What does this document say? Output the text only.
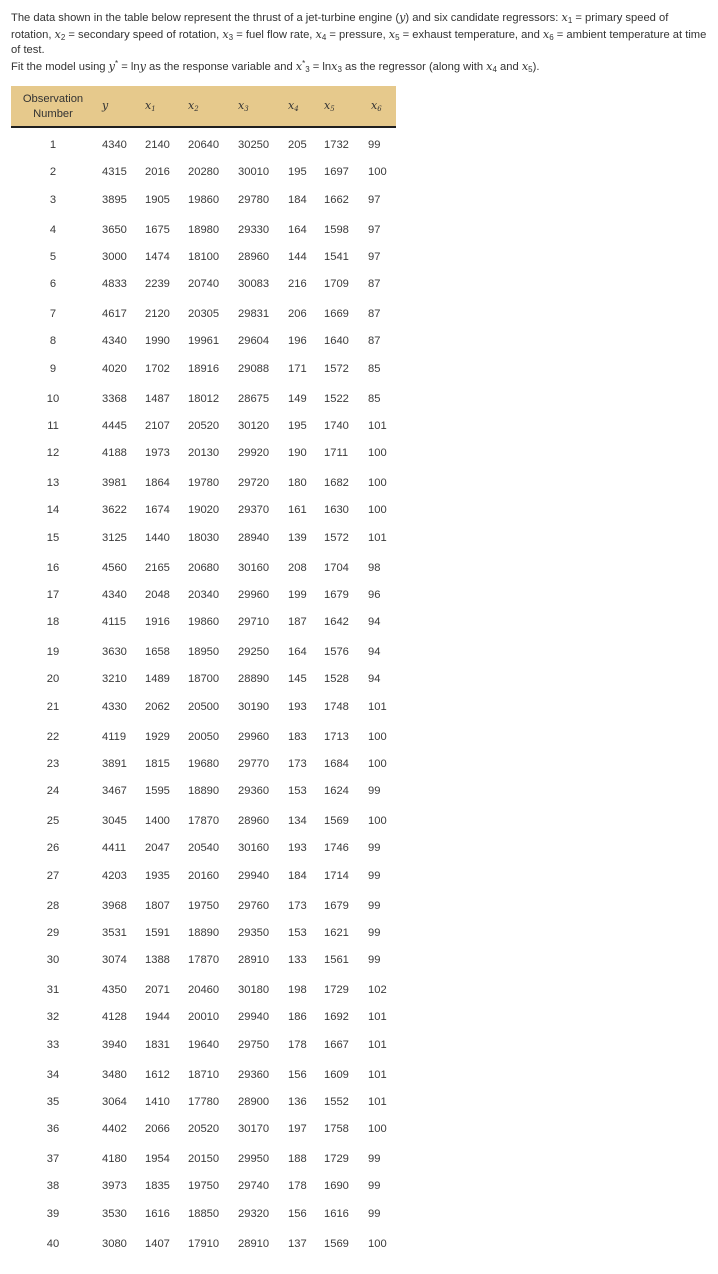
The data shown in the table below represent the thrust of a jet-turbine engine (y) and six candidate regressors: $x_1$ = primary speed of rotation, $x_2$ = secondary speed of rotation, $x_3$ = fuel flow rate, $x_4$ = pressure, $x_5$ = exhaust temperature, and $x_6$ = ambient temperature at time of test.

Fit the model using y* = lny as the response variable and $x^*_3 = \ln x_3$ as the regressor (along with $x_4$ and $x_5$).

Observation
Number
y	$x_1$	$x_2$	$x_3$	$x_4$ $x_5$	$x_6$
1	4340 2140 20640 30250 205 1732 99
2	4315 2016 20280 30010 195 1697 100
3	3895 1905 19860 29780 184 1662 97
4	3650 1675 18980 29330 164 1598 97
5	3000 1474 18100 28960 144 1541 97
6	4833 2239 20740 30083 216 1709 87
7	4617 2120 20305 29831 206 1669 87
8	4340 1990 19961 29604 196 1640 87
9	4020 1702 18916 29088 171 1572 85
10	3368 1487 18012 28675 149 1522 85
11	4445 2107 20520 30120 195 1740 101
12	4188 1973 20130 29920 190 1711 100
13	3981 1864 19780 29720 180 1682 100
14	3622 1674 19020 29370 161 1630 100
15	3125 1440 18030 28940 139 1572 101
16	4560 2165 20680 30160 208 1704 98
17	4340 2048 20340 29960 199 1679 96
18	4115 1916 19860 29710 187 1642 94
19	3630 1658 18950 29250 164 1576 94
20	3210 1489 18700 28890 145 1528 94
21	4330 2062 20500 30190 193 1748 101
22	4119 1929 20050 29960 183 1713 100
23	3891 1815 19680 29770 173 1684 100
24	3467 1595 18890 29360 153 1624 99
25	3045 1400 17870 28960 134 1569 100
26	4411 2047 20540 30160 193 1746 99
27	4203 1935 20160 29940 184 1714 99
28	3968 1807 19750 29760 173 1679 99
29	3531 1591 18890 29350 153 1621 99
30	3074 1388 17870 28910 133 1561 99
31	4350 2071 20460 30180 198 1729 102
32	4128 1944 20010 29940 186 1692 101
33	3940 1831 19640 29750 178 1667 101
34	3480 1612 18710 29360 156 1609 101
35	3064 1410 17780 28900 136 1552 101
36	4402 2066 20520 30170 197 1758 100
37	4180 1954 20150 29950 188 1729 99
38	3973 1835 19750 29740 178 1690 99
39	3530 1616 18850 29320 156 1616 99
40	3080 1407 17910 28910 137 1569 100
